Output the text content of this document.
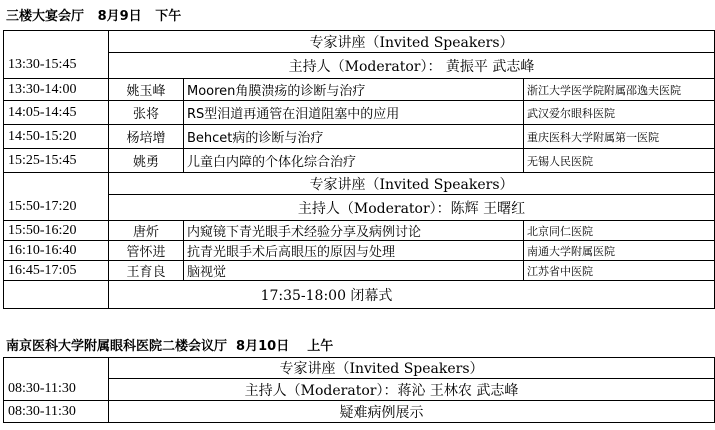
三楼大宴会厅   8月9日   下午
	专家讲座（Invited Speakers）		
13:30-15:45	主持人（Moderator）： 黄振平 武志峰		
13:30-14:00	姚玉峰	Mooren角膜溃疡的诊断与治疗	浙江大学医学院附属邵逸夫医院
14:05-14:45	张将	RS型泪道再通管在泪道阻塞中的应用	武汉爱尔眼科医院
14:50-15:20	杨培增	Behcet病的诊断与治疗	重庆医科大学附属第一医院
15:25-15:45	姚勇	儿童白内障的个体化综合治疗	无锡人民医院
	专家讲座（Invited Speakers）		
15:50-17:20	主持人（Moderator）：陈辉 王曙红		
15:50-16:20	唐炘	内窥镜下青光眼手术经验分享及病例讨论	北京同仁医院
16:10-16:40	管怀进	抗青光眼手术后高眼压的原因与处理	南通大学附属医院
16:45-17:05	王育良	脑视觉	江苏省中医院
	17:35-18:00 闭幕式		
南京医科大学附属眼科医院二楼会议厅  8月10日    上午
	专家讲座（Invited Speakers）
08:30-11:30	主持人（Moderator）：蒋沁 王林农 武志峰
08:30-11:30	疑难病例展示
